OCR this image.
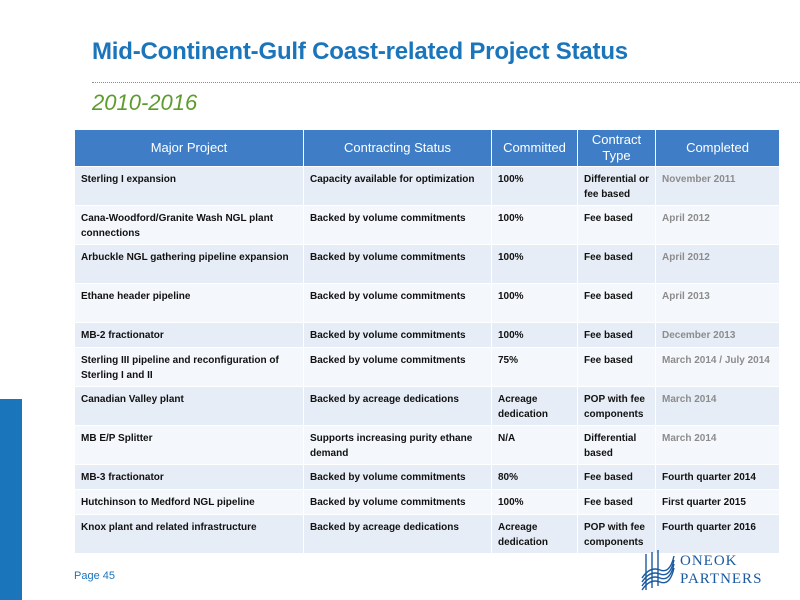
Mid-Continent-Gulf Coast-related Project Status
2010-2016
Major Project	Contracting Status	Committed	Contract Type	Completed
Sterling I expansion	Capacity available for optimization	100%	Differential or fee based	November 2011
Cana-Woodford/Granite Wash NGL plant connections	Backed by volume commitments	100%	Fee based	April 2012
Arbuckle NGL gathering pipeline expansion	Backed by volume commitments	100%	Fee based	April 2012
Ethane header pipeline	Backed by volume commitments	100%	Fee based	April 2013
MB-2 fractionator	Backed by volume commitments	100%	Fee based	December 2013
Sterling III pipeline and reconfiguration of Sterling I and II	Backed by volume commitments	75%	Fee based	March 2014 / July 2014
Canadian Valley plant	Backed by acreage dedications	Acreage dedication	POP with fee components	March 2014
MB E/P Splitter	Supports increasing purity ethane demand	N/A	Differential based	March 2014
MB-3 fractionator	Backed by volume commitments	80%	Fee based	Fourth quarter 2014
Hutchinson to Medford NGL pipeline	Backed by volume commitments	100%	Fee based	First quarter 2015
Knox plant and related infrastructure	Backed by acreage dedications	Acreage dedication	POP with fee components	Fourth quarter 2016
Page 45
ONEOK
PARTNERS
